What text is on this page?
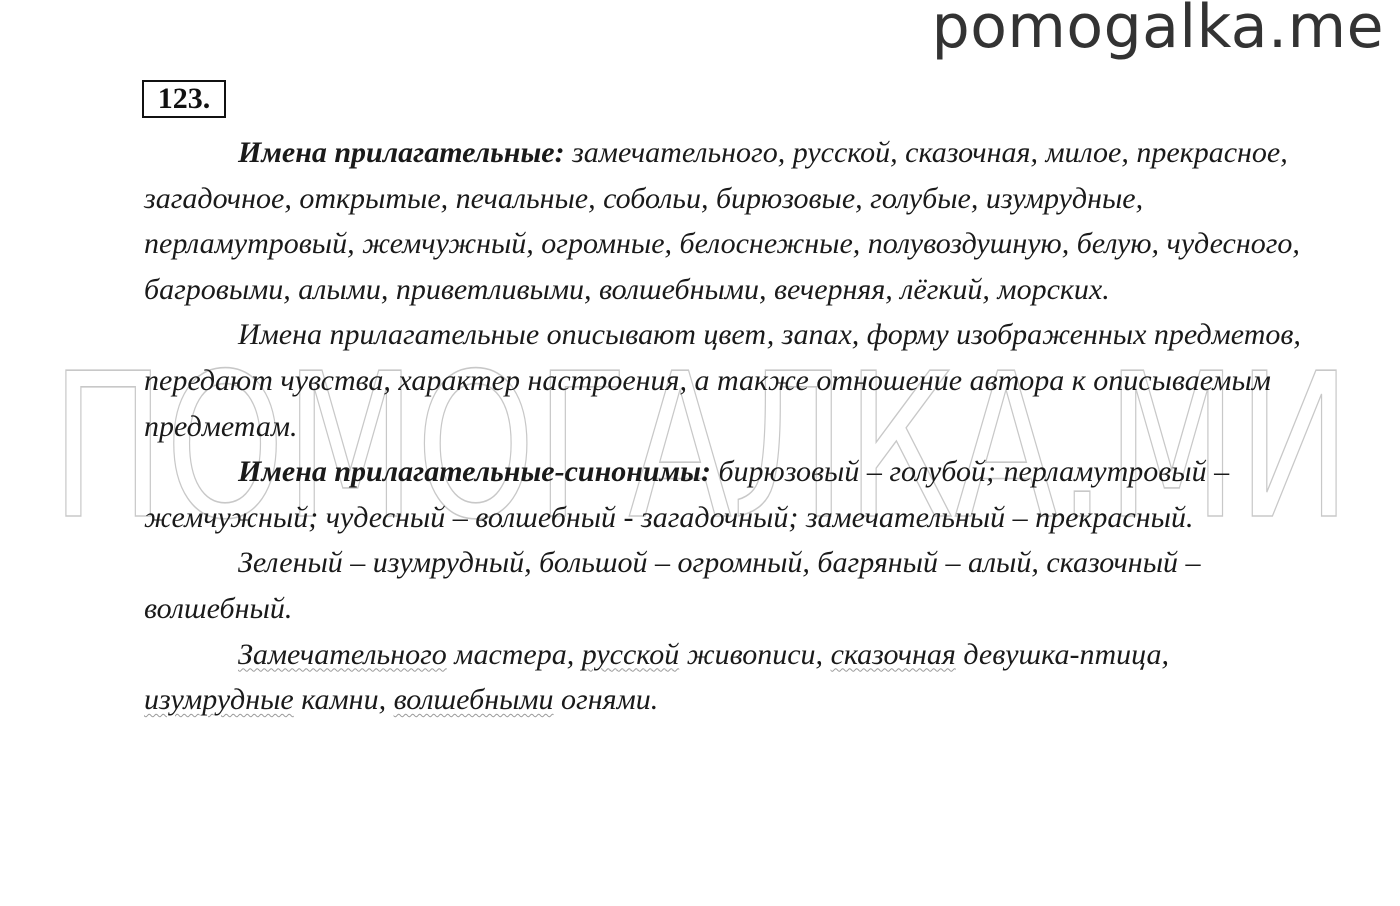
pomogalka.me
ПОМОГАЛКА.МИ
123.

Имена прилагательные: замечательного, русской, сказочная, милое, прекрасное, загадочное, открытые, печальные, собольи, бирюзовые, голубые, изумрудные, перламутровый, жемчужный, огромные, белоснежные, полувоздушную, белую, чудесного, багровыми, алыми, приветливыми, волшебными, вечерняя, лёгкий, морских.

Имена прилагательные описывают цвет, запах, форму изображенных предметов, передают чувства, характер настроения, а также отношение автора к описываемым предметам.

Имена прилагательные-синонимы: бирюзовый – голубой; перламутровый – жемчужный; чудесный – волшебный - загадочный; замечательный – прекрасный.

Зеленый – изумрудный, большой – огромный, багряный – алый, сказочный – волшебный.

Замечательного мастера, русской живописи, сказочная девушка-птица, изумрудные камни, волшебными огнями.
